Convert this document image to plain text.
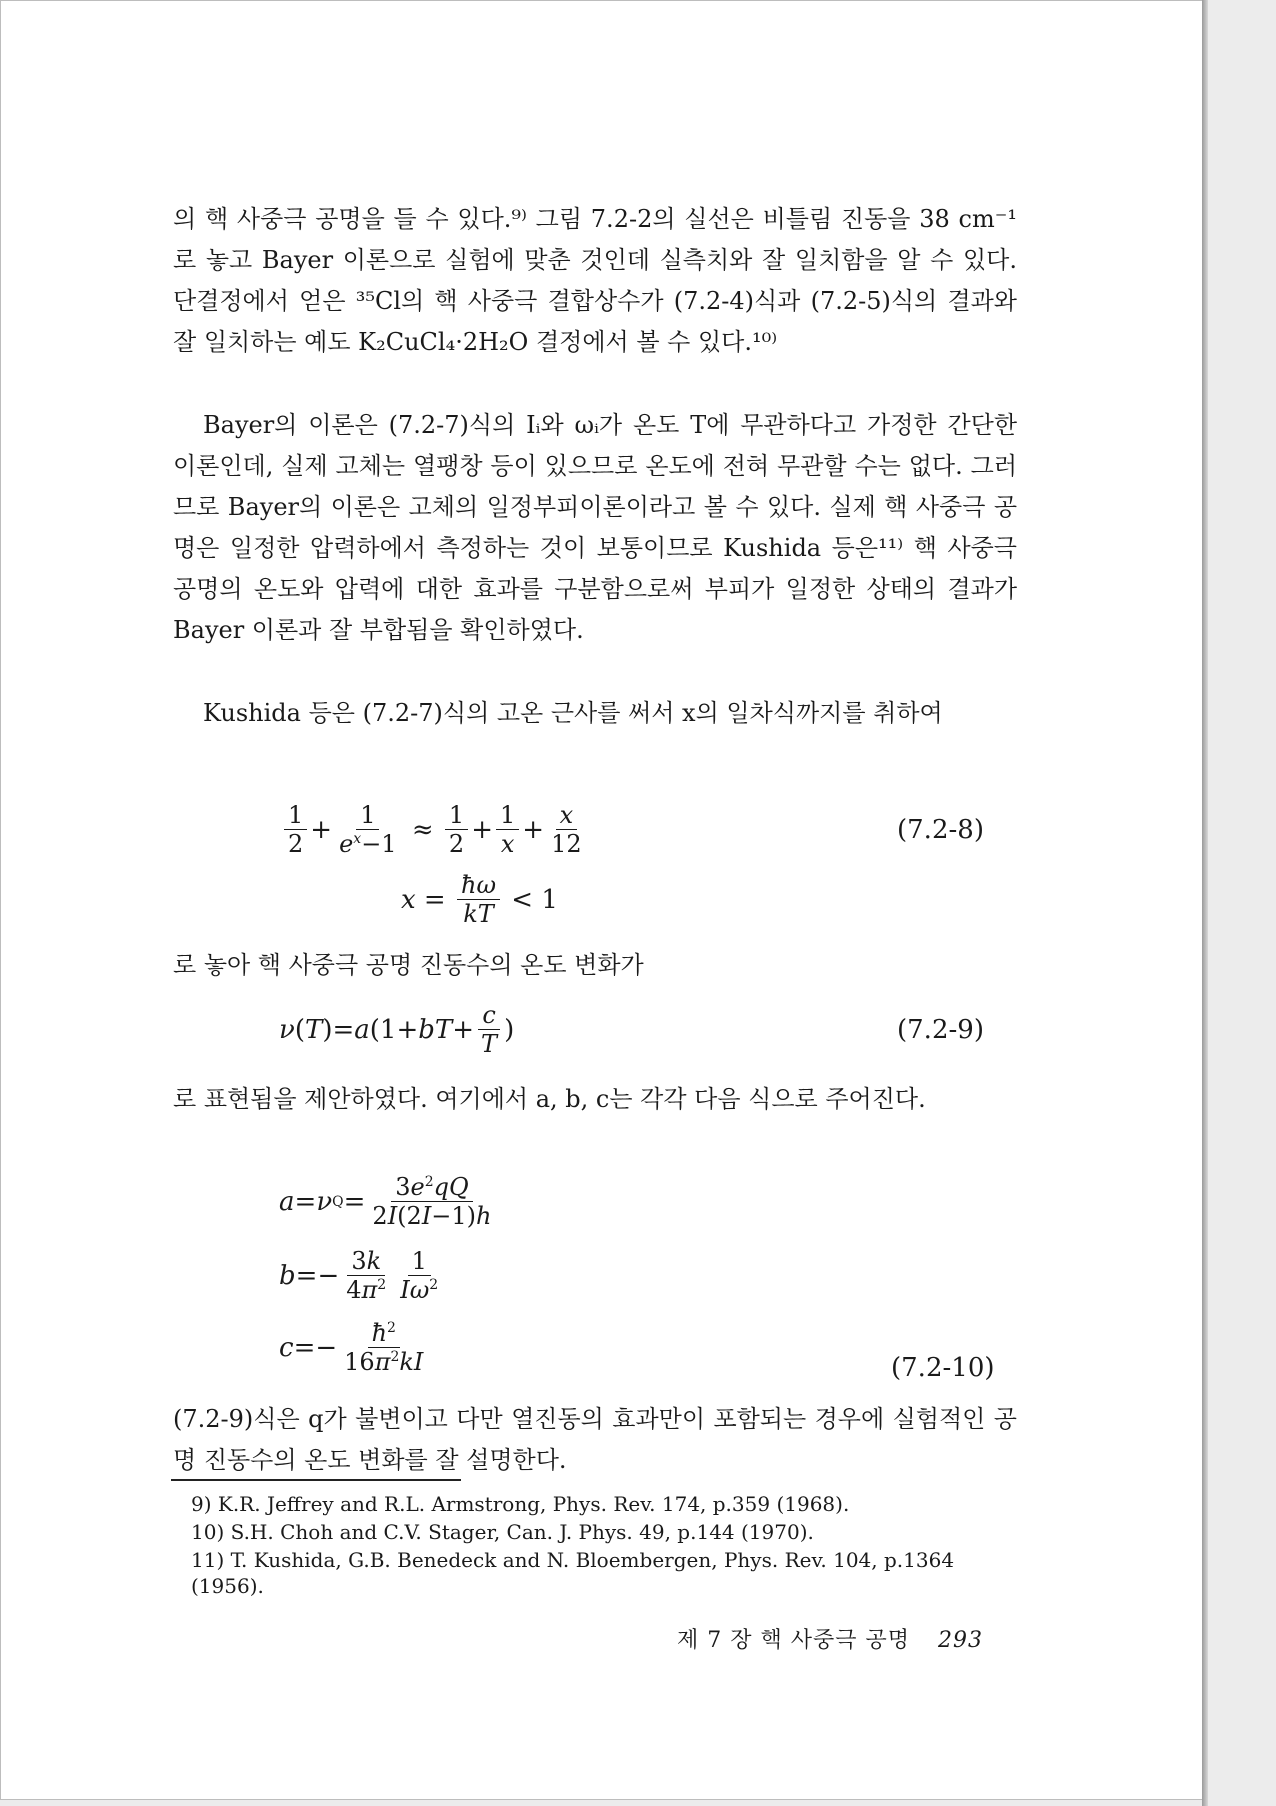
의 핵 사중극 공명을 들 수 있다.⁹⁾ 그림 7.2-2의 실선은 비틀림 진동을 38 cm⁻¹로 놓고 Bayer 이론으로 실험에 맞춘 것인데 실측치와 잘 일치함을 알 수 있다. 단결정에서 얻은 ³⁵Cl의 핵 사중극 결합상수가 (7.2-4)식과 (7.2-5)식의 결과와 잘 일치하는 예도 K₂CuCl₄·2H₂O 결정에서 볼 수 있다.¹⁰⁾

Bayer의 이론은 (7.2-7)식의 Iᵢ와 ωᵢ가 온도 T에 무관하다고 가정한 간단한 이론인데, 실제 고체는 열팽창 등이 있으므로 온도에 전혀 무관할 수는 없다. 그러므로 Bayer의 이론은 고체의 일정부피이론이라고 볼 수 있다. 실제 핵 사중극 공명은 일정한 압력하에서 측정하는 것이 보통이므로 Kushida 등은¹¹⁾ 핵 사중극 공명의 온도와 압력에 대한 효과를 구분함으로써 부피가 일정한 상태의 결과가 Bayer 이론과 잘 부합됨을 확인하였다.

Kushida 등은 (7.2-7)식의 고온 근사를 써서 x의 일차식까지를 취하여

$\frac{1}{2} + \frac{1}{e^x-1} \approx \frac{1}{2} + \frac{1}{x} + \frac{x}{12}$	(7.2-8)
$x = \frac{ħ\omega}{kT} < 1$

로 놓아 핵 사중극 공명 진동수의 온도 변화가

ν ( T )= a (1+ bT + $\frac{c}{T}$ )	(7.2-9)

로 표현됨을 제안하였다. 여기에서 a, b, c는 각각 다음 식으로 주어진다.

a = ν $Q = \frac{3e^2qQ}{2I(2I-1)h}$
$b =- \frac{3k}{4\pi^2} \frac{1}{I\omega^2}$
$c =- \frac{ħ^2}{16\pi^2kI}$	(7.2-10)

(7.2-9)식은 q가 불변이고 다만 열진동의 효과만이 포함되는 경우에 실험적인 공명 진동수의 온도 변화를 잘 설명한다.

9) K.R. Jeffrey and R.L. Armstrong, Phys. Rev. 174, p.359 (1968).

10) S.H. Choh and C.V. Stager, Can. J. Phys. 49, p.144 (1970).

11) T. Kushida, G.B. Benedeck and N. Bloembergen, Phys. Rev. 104, p.1364 (1956).

제 7 장 핵 사중극 공명 293
